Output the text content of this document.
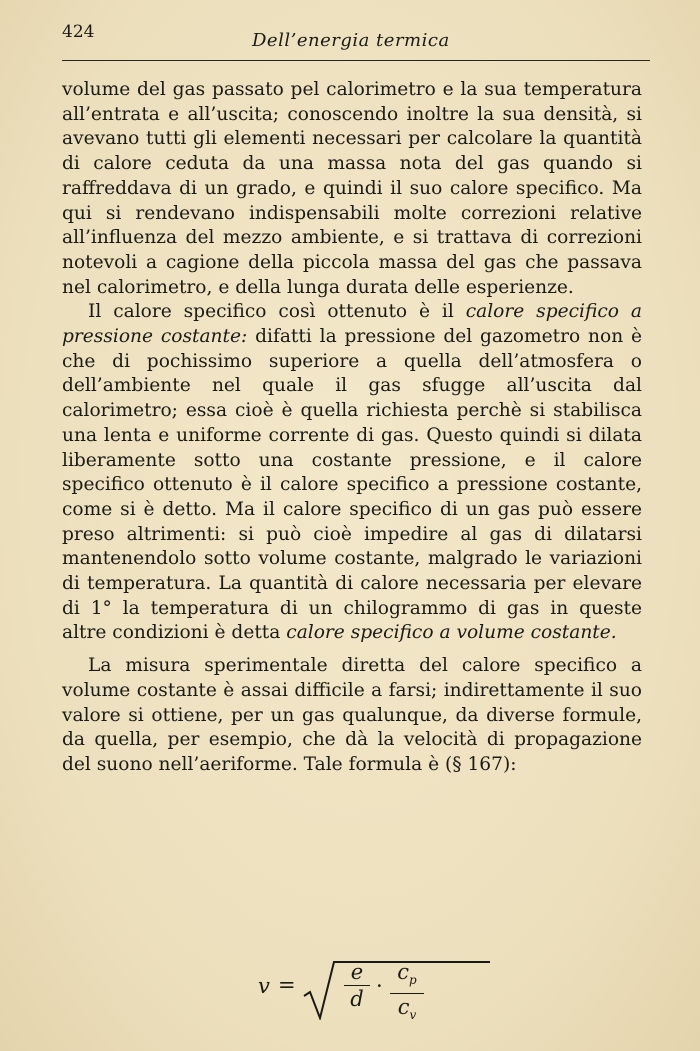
424	Dell’energia termica

volume del gas passato pel calorimetro e la sua temperatura all’entrata e all’uscita; conoscendo inoltre la sua densità, si avevano tutti gli elementi necessari per calcolare la quantità di calore ceduta da una massa nota del gas quando si raffreddava di un grado, e quindi il suo calore specifico. Ma qui si rendevano indispensabili molte correzioni relative all’influenza del mezzo ambiente, e si trattava di correzioni notevoli a cagione della piccola massa del gas che passava nel calorimetro, e della lunga durata delle esperienze.

Il calore specifico così ottenuto è il calore specifico a pressione costante: difatti la pressione del gazometro non è che di pochissimo superiore a quella dell’atmosfera o dell’ambiente nel quale il gas sfugge all’uscita dal calorimetro; essa cioè è quella richiesta perchè si stabilisca una lenta e uniforme corrente di gas. Questo quindi si dilata liberamente sotto una costante pressione, e il calore specifico ottenuto è il calore specifico a pressione costante, come si è detto. Ma il calore specifico di un gas può essere preso altrimenti: si può cioè impedire al gas di dilatarsi mantenendolo sotto volume costante, malgrado le variazioni di temperatura. La quantità di calore necessaria per elevare di 1° la temperatura di un chilogrammo di gas in queste altre condizioni è detta calore specifico a volume costante.

La misura sperimentale diretta del calore specifico a volume costante è assai difficile a farsi; indirettamente il suo valore si ottiene, per un gas qualunque, da diverse formule, da quella, per esempio, che dà la velocità di propagazione del suono nell’aeriforme. Tale formula è (§ 167):

v =
e
d
·
$c_p$
$c_v$
